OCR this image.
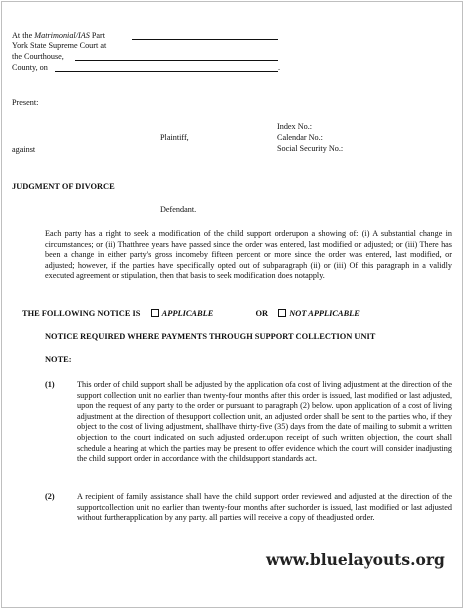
At the Matrimonial/IAS Part
York State Supreme Court at
the Courthouse,
County, on	.
Present:
Index No.:
Calendar No.:
Social Security No.:
Plaintiff,
against
JUDGMENT OF DIVORCE
Defendant.
Each party has a right to seek a modification of the child support orderupon a showing of: (i) A substantial change in circumstances; or (ii) Thatthree years have passed since the order was entered, last modified or adjusted; or (iii) There has been a change in either party's gross incomeby fifteen percent or more since the order was entered, last modified, or adjusted; however, if the parties have specifically opted out of subparagraph (ii) or (iii) Of this paragraph in a validly executed agreement or stipulation, then that basis to seek modification does notapply.
THE FOLLOWING NOTICE IS	APPLICABLE	OR	NOT APPLICABLE
NOTICE REQUIRED WHERE PAYMENTS THROUGH SUPPORT COLLECTION UNIT
NOTE:
(1)	This order of child support shall be adjusted by the application ofa cost of living adjustment at the direction of the support collection unit no earlier than twenty-four months after this order is issued, last modified or last adjusted, upon the request of any party to the order or pursuant to paragraph (2) below. upon application of a cost of living adjustment at the direction of thesupport collection unit, an adjusted order shall be sent to the parties who, if they object to the cost of living adjustment, shallhave thirty-five (35) days from the date of mailing to submit a written objection to the court indicated on such adjusted order.upon receipt of such written objection, the court shall schedule a hearing at which the parties may be present to offer evidence which the court will consider inadjusting the child support order in accordance with the childsupport standards act.
(2)	A recipient of family assistance shall have the child support order reviewed and adjusted at the direction of the supportcollection unit no earlier than twenty-four months after suchorder is issued, last modified or last adjusted without furtherapplication by any party. all parties will receive a copy of theadjusted order.
www.bluelayouts.org
